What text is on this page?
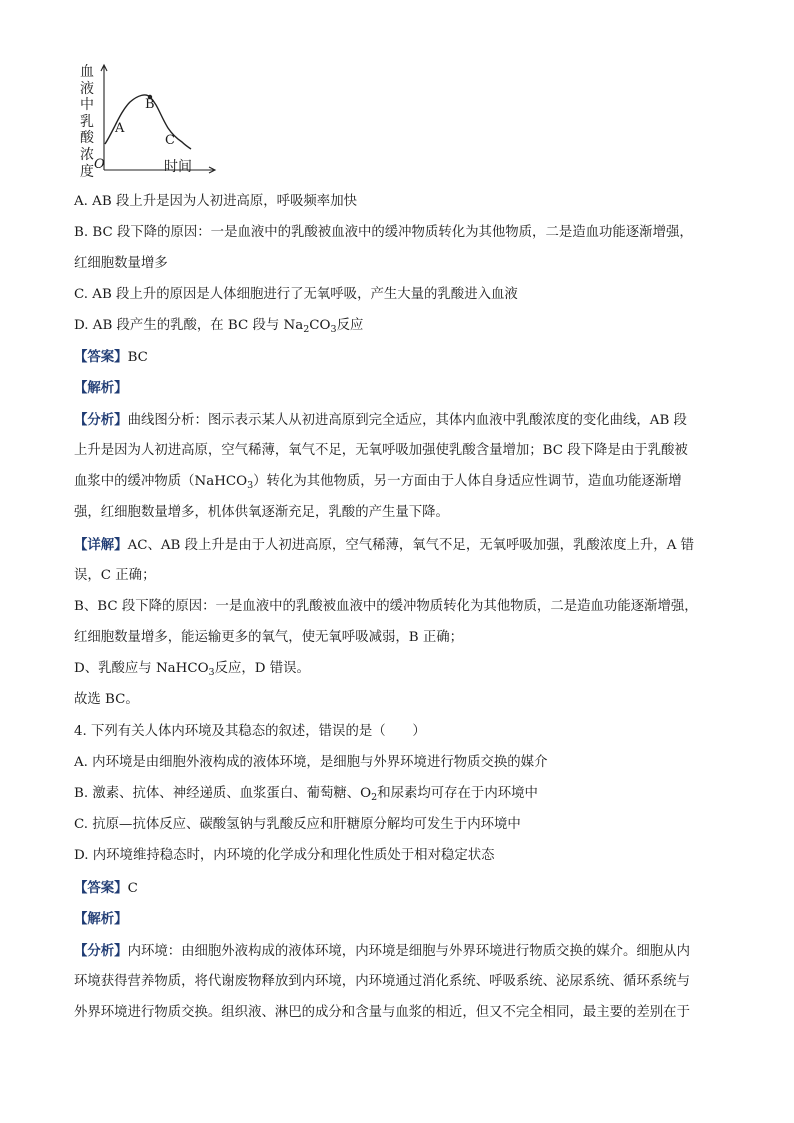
血
液
中
乳
酸
浓
度 O
A
B
C
时间
A. AB 段上升是因为人初进高原，呼吸频率加快
B. BC 段下降的原因：一是血液中的乳酸被血液中的缓冲物质转化为其他物质，二是造血功能逐渐增强，
红细胞数量增多
C. AB 段上升的原因是人体细胞进行了无氧呼吸，产生大量的乳酸进入血液
D. AB 段产生的乳酸，在 BC 段与 $Na_2CO_3$反应
【答案】BC
【解析】
【分析】曲线图分析：图示表示某人从初进高原到完全适应，其体内血液中乳酸浓度的变化曲线，AB 段
上升是因为人初进高原，空气稀薄，氧气不足，无氧呼吸加强使乳酸含量增加；BC 段下降是由于乳酸被
血浆中的缓冲物质（NaHCO$_3$）转化为其他物质，另一方面由于人体自身适应性调节，造血功能逐渐增
强，红细胞数量增多，机体供氧逐渐充足，乳酸的产生量下降。
【详解】AC、AB 段上升是由于人初进高原，空气稀薄，氧气不足，无氧呼吸加强，乳酸浓度上升，A 错
误，C 正确；
B、BC 段下降的原因：一是血液中的乳酸被血液中的缓冲物质转化为其他物质，二是造血功能逐渐增强，
红细胞数量增多，能运输更多的氧气，使无氧呼吸减弱，B 正确；
D、乳酸应与 NaHCO$_3$反应，D 错误。
故选 BC。
4. 下列有关人体内环境及其稳态的叙述，错误的是（　　）
A. 内环境是由细胞外液构成的液体环境，是细胞与外界环境进行物质交换的媒介
B. 激素、抗体、神经递质、血浆蛋白、葡萄糖、$O_2$和尿素均可存在于内环境中
C. 抗原—抗体反应、碳酸氢钠与乳酸反应和肝糖原分解均可发生于内环境中
D. 内环境维持稳态时，内环境的化学成分和理化性质处于相对稳定状态
【答案】C
【解析】
【分析】内环境：由细胞外液构成的液体环境，内环境是细胞与外界环境进行物质交换的媒介。细胞从内
环境获得营养物质，将代谢废物释放到内环境，内环境通过消化系统、呼吸系统、泌尿系统、循环系统与
外界环境进行物质交换。组织液、淋巴的成分和含量与血浆的相近，但又不完全相同，最主要的差别在于
